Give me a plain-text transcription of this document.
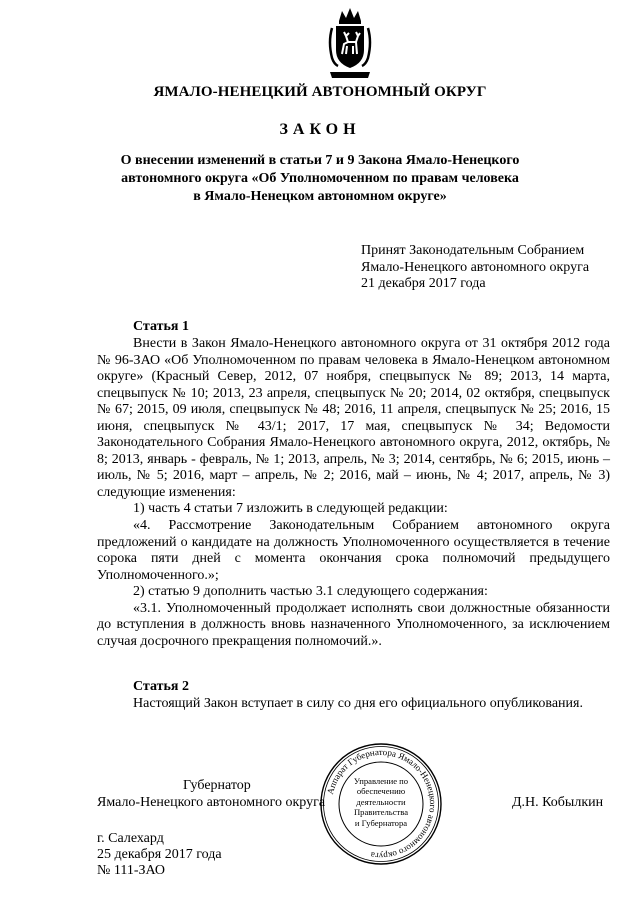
ЯМАЛО-НЕНЕЦКИЙ АВТОНОМНЫЙ ОКРУГ
ЗАКОН
О внесении изменений в статьи 7 и 9 Закона Ямало-Ненецкого
автономного округа «Об Уполномоченном по правам человека
в Ямало-Ненецком автономном округе»
Принят Законодательным Собранием
Ямало-Ненецкого автономного округа
21 декабря 2017 года
Статья 1

Внести в Закон Ямало-Ненецкого автономного округа от 31 октября 2012 года № 96-ЗАО «Об Уполномоченном по правам человека в Ямало-Ненецком автономном округе» (Красный Север, 2012, 07 ноября, спецвыпуск № 89; 2013, 14 марта, спецвыпуск № 10; 2013, 23 апреля, спецвыпуск № 20; 2014, 02 октября, спецвыпуск № 67; 2015, 09 июля, спецвыпуск № 48; 2016, 11 апреля, спецвыпуск № 25; 2016, 15 июня, спецвыпуск № 43/1; 2017, 17 мая, спецвыпуск № 34; Ведомости Законодательного Собрания Ямало-Ненецкого автономного округа, 2012, октябрь, № 8; 2013, январь - февраль, № 1; 2013, апрель, № 3; 2014, сентябрь, № 6; 2015, июнь – июль, № 5; 2016, март – апрель, № 2; 2016, май – июнь, № 4; 2017, апрель, № 3) следующие изменения:

1) часть 4 статьи 7 изложить в следующей редакции:

«4. Рассмотрение Законодательным Собранием автономного округа предложений о кандидате на должность Уполномоченного осуществляется в течение сорока пяти дней с момента окончания срока полномочий предыдущего Уполномоченного.»;

2) статью 9 дополнить частью 3.1 следующего содержания:

«3.1. Уполномоченный продолжает исполнять свои должностные обязанности до вступления в должность вновь назначенного Уполномоченного, за исключением случая досрочного прекращения полномочий.».

Статья 2

Настоящий Закон вступает в силу со дня его официального опубликования.

Губернатор
Ямало-Ненецкого автономного округа	Д.Н. Кобылкин
Аппарат Губернатора Ямало-Ненецкого автономного округа
Управление по
обеспечению
деятельности
Правительства
и Губернатора
г. Салехард
25 декабря 2017 года
№ 111-ЗАО
